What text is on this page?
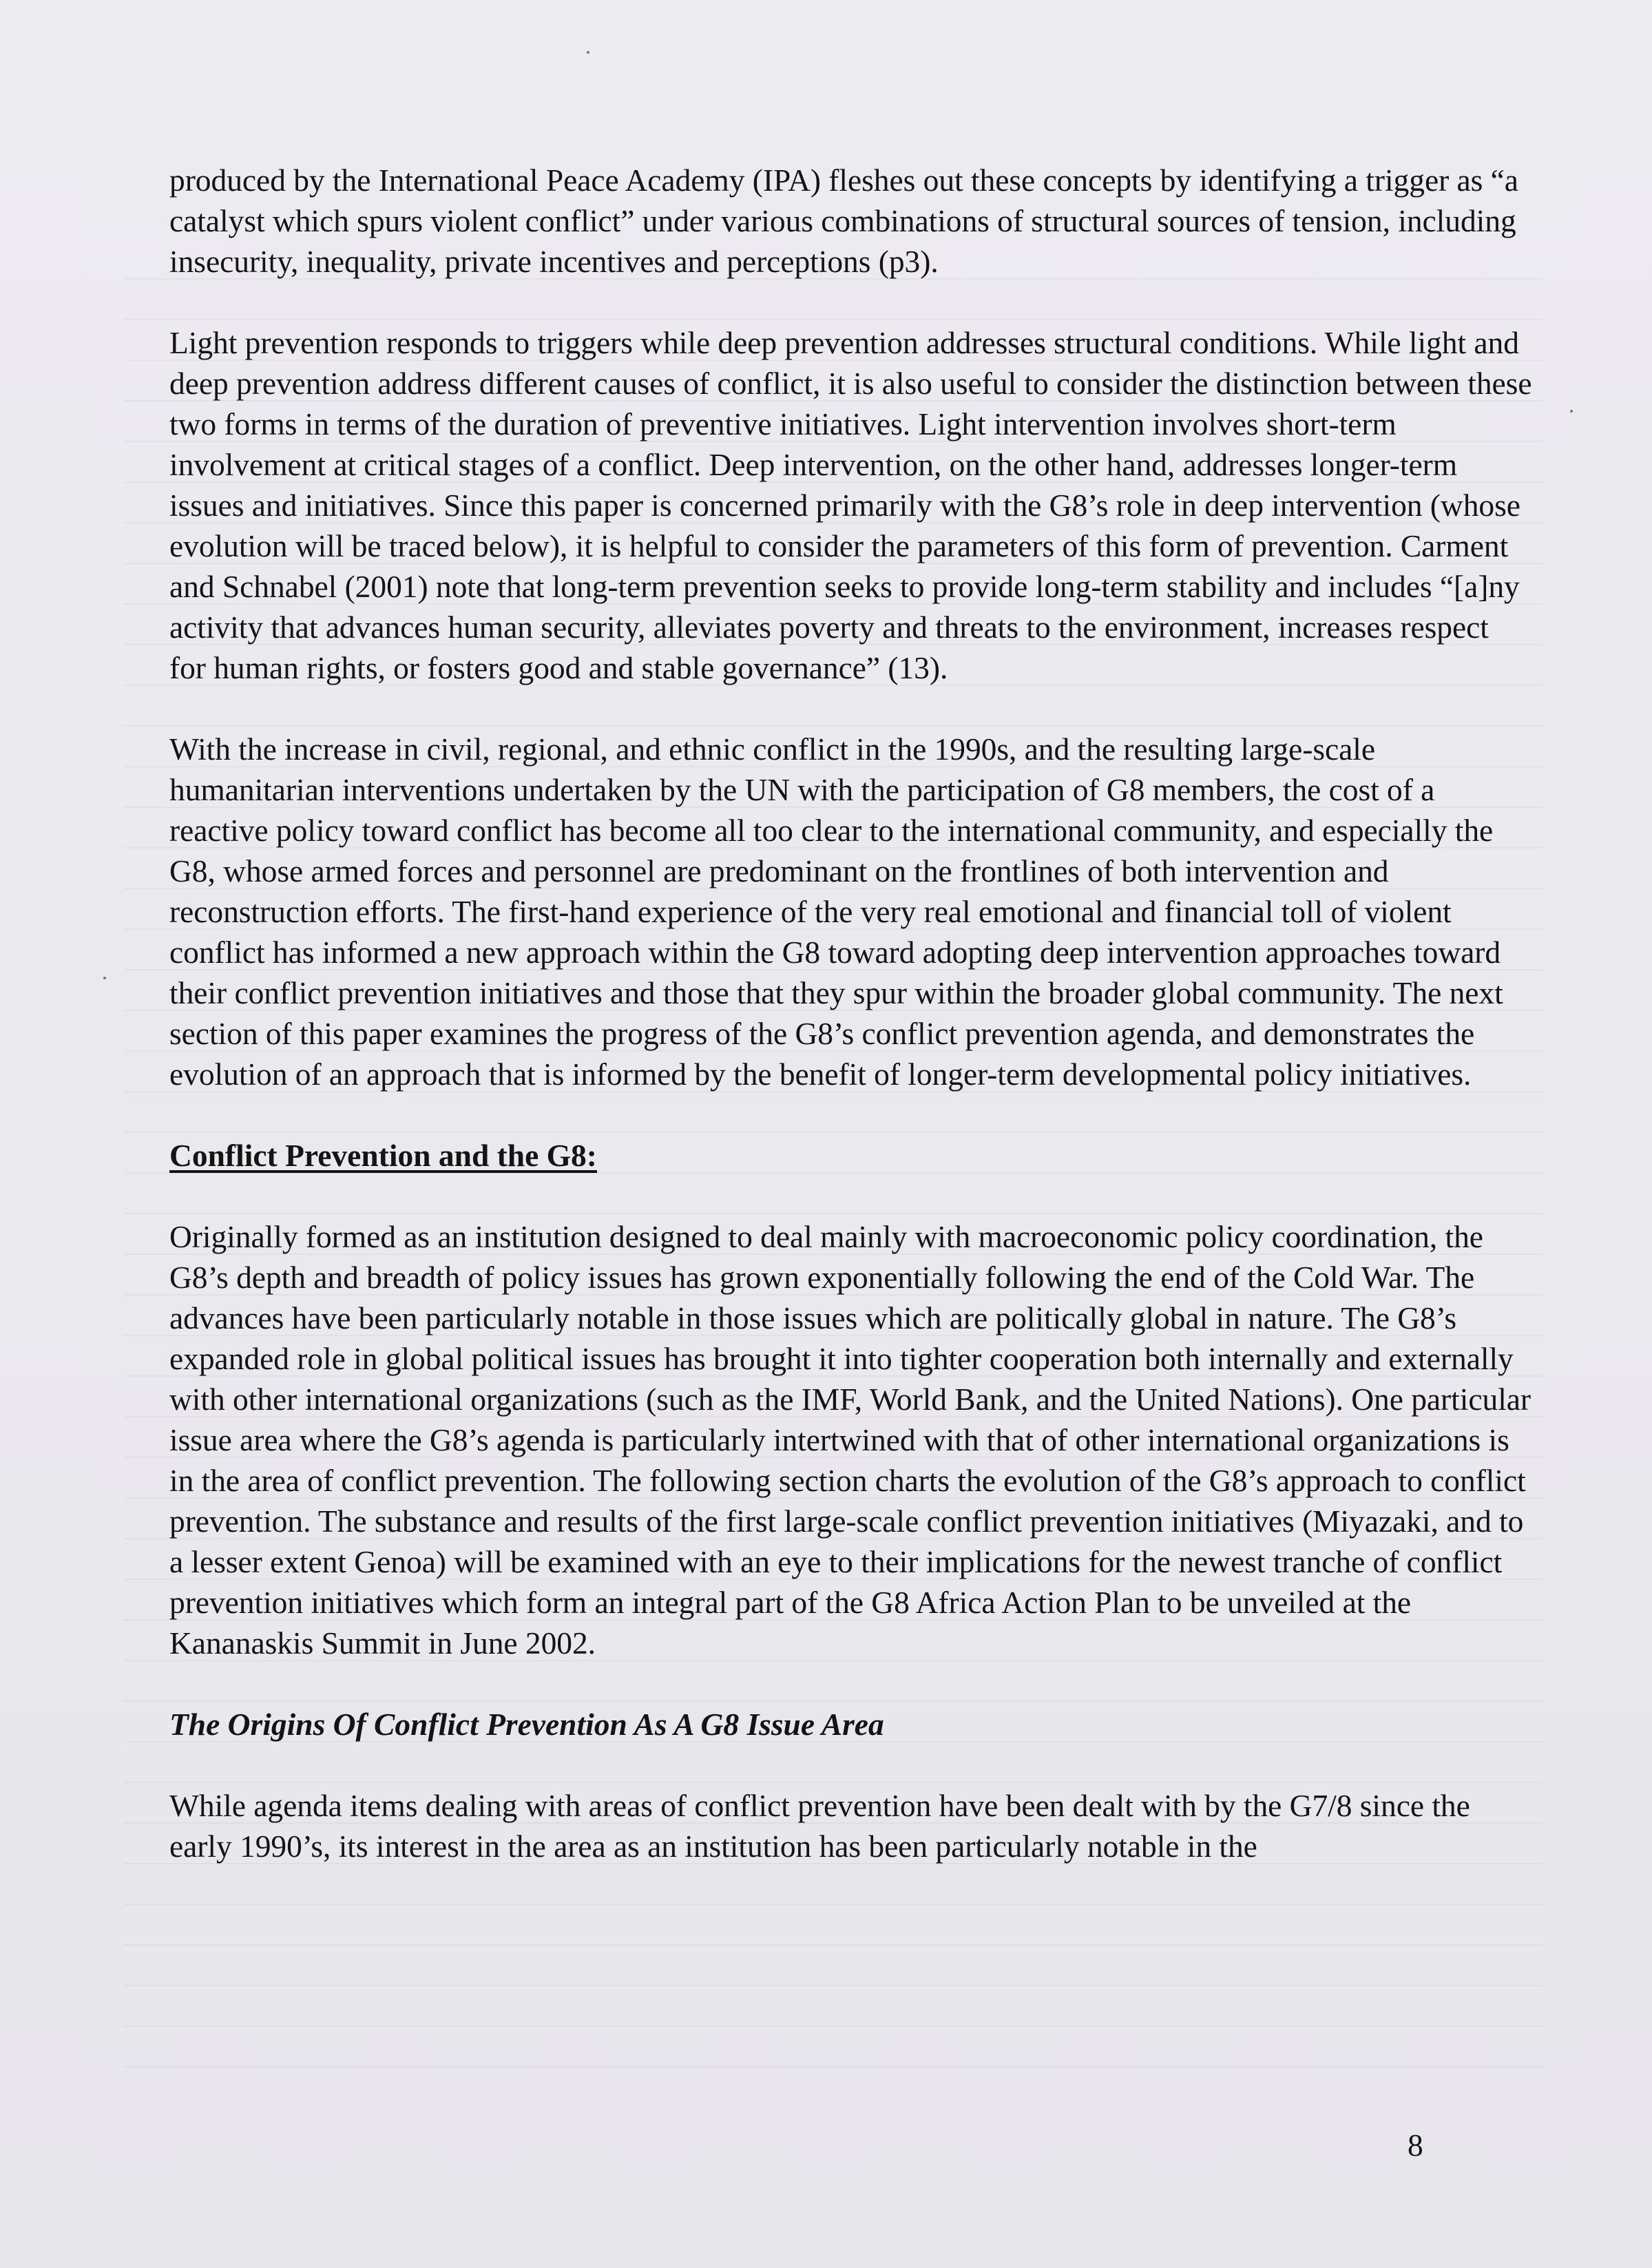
produced by the International Peace Academy (IPA) fleshes out these concepts by identifying a trigger as “a catalyst which spurs violent conflict” under various combinations of structural sources of tension, including insecurity, inequality, private incentives and perceptions (p3).

Light prevention responds to triggers while deep prevention addresses structural conditions. While light and deep prevention address different causes of conflict, it is also useful to consider the distinction between these two forms in terms of the duration of preventive initiatives. Light intervention involves short-term involvement at critical stages of a conflict. Deep intervention, on the other hand, addresses longer-term issues and initiatives. Since this paper is concerned primarily with the G8’s role in deep intervention (whose evolution will be traced below), it is helpful to consider the parameters of this form of prevention. Carment and Schnabel (2001) note that long-term prevention seeks to provide long-term stability and includes “[a]ny activity that advances human security, alleviates poverty and threats to the environment, increases respect for human rights, or fosters good and stable governance” (13).

With the increase in civil, regional, and ethnic conflict in the 1990s, and the resulting large-scale humanitarian interventions undertaken by the UN with the participation of G8 members, the cost of a reactive policy toward conflict has become all too clear to the international community, and especially the G8, whose armed forces and personnel are predominant on the frontlines of both intervention and reconstruction efforts. The first-hand experience of the very real emotional and financial toll of violent conflict has informed a new approach within the G8 toward adopting deep intervention approaches toward their conflict prevention initiatives and those that they spur within the broader global community. The next section of this paper examines the progress of the G8’s conflict prevention agenda, and demonstrates the evolution of an approach that is informed by the benefit of longer-term developmental policy initiatives.

Conflict Prevention and the G8:

Originally formed as an institution designed to deal mainly with macroeconomic policy coordination, the G8’s depth and breadth of policy issues has grown exponentially following the end of the Cold War. The advances have been particularly notable in those issues which are politically global in nature. The G8’s expanded role in global political issues has brought it into tighter cooperation both internally and externally with other international organizations (such as the IMF, World Bank, and the United Nations). One particular issue area where the G8’s agenda is particularly intertwined with that of other international organizations is in the area of conflict prevention. The following section charts the evolution of the G8’s approach to conflict prevention. The substance and results of the first large-scale conflict prevention initiatives (Miyazaki, and to a lesser extent Genoa) will be examined with an eye to their implications for the newest tranche of conflict prevention initiatives which form an integral part of the G8 Africa Action Plan to be unveiled at the Kananaskis Summit in June 2002.

The Origins Of Conflict Prevention As A G8 Issue Area

While agenda items dealing with areas of conflict prevention have been dealt with by the G7/8 since the early 1990’s, its interest in the area as an institution has been particularly notable in the

8
